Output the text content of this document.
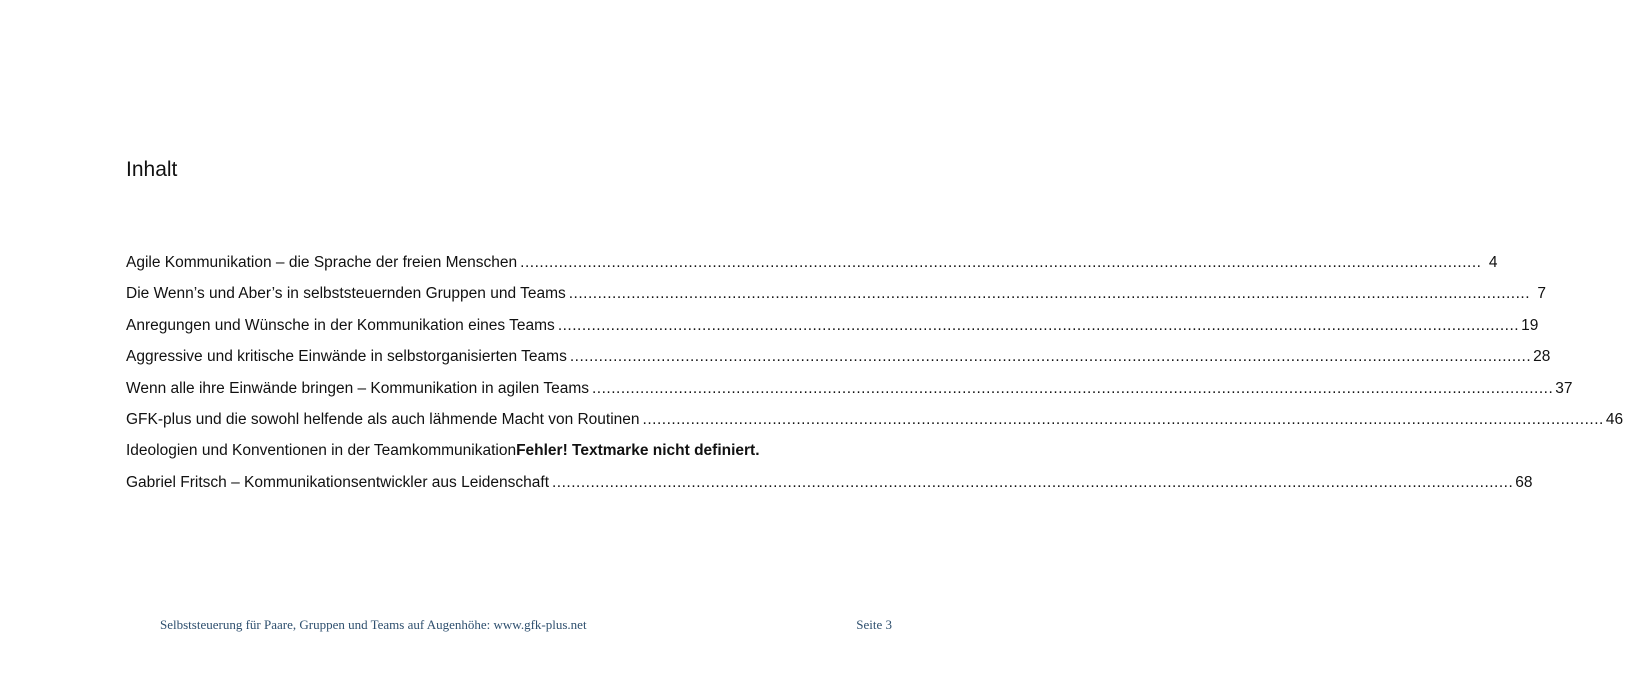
Inhalt
Agile Kommunikation – die Sprache der freien Menschen ........................................................................................................................................................................................................ 4
Die Wenn’s und Aber’s in selbststeuernden Gruppen und Teams ........................................................................................................................................................................................................ 7
Anregungen und Wünsche in der Kommunikation eines Teams ........................................................................................................................................................................................................ 19
Aggressive und kritische Einwände in selbstorganisierten Teams ........................................................................................................................................................................................................ 28
Wenn alle ihre Einwände bringen – Kommunikation in agilen Teams ........................................................................................................................................................................................................ 37
GFK-plus und die sowohl helfende als auch lähmende Macht von Routinen ........................................................................................................................................................................................................ 46
Ideologien und Konventionen in der Teamkommunikation Fehler! Textmarke nicht definiert.
Gabriel Fritsch – Kommunikationsentwickler aus Leidenschaft ........................................................................................................................................................................................................ 68
Selbststeuerung für Paare, Gruppen und Teams auf Augenhöhe: www.gfk-plus.net	Seite 3
